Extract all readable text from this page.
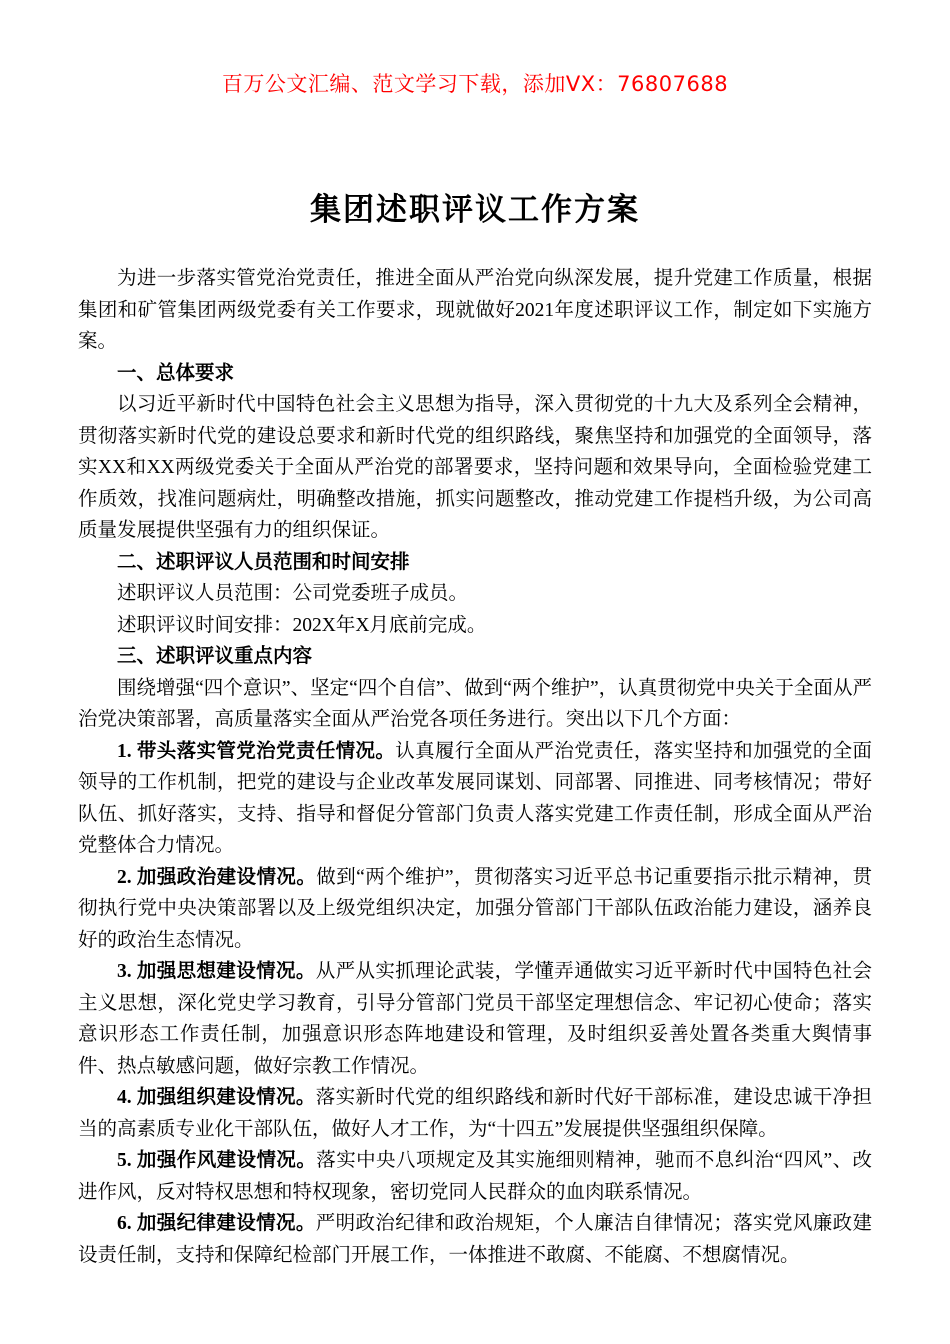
百万公文汇编、范文学习下载，添加VX：76807688
集团述职评议工作方案

为进一步落实管党治党责任，推进全面从严治党向纵深发展，提升党建工作质量，根据集团和矿管集团两级党委有关工作要求，现就做好2021年度述职评议工作，制定如下实施方案。

一、总体要求

以习近平新时代中国特色社会主义思想为指导，深入贯彻党的十九大及系列全会精神，贯彻落实新时代党的建设总要求和新时代党的组织路线，聚焦坚持和加强党的全面领导，落实XX和XX两级党委关于全面从严治党的部署要求，坚持问题和效果导向，全面检验党建工作质效，找准问题病灶，明确整改措施，抓实问题整改，推动党建工作提档升级，为公司高质量发展提供坚强有力的组织保证。

二、述职评议人员范围和时间安排

述职评议人员范围：公司党委班子成员。

述职评议时间安排：202X年X月底前完成。

三、述职评议重点内容

围绕增强“四个意识”、坚定“四个自信”、做到“两个维护”，认真贯彻党中央关于全面从严治党决策部署，高质量落实全面从严治党各项任务进行。突出以下几个方面：

1. 带头落实管党治党责任情况。认真履行全面从严治党责任，落实坚持和加强党的全面领导的工作机制，把党的建设与企业改革发展同谋划、同部署、同推进、同考核情况；带好队伍、抓好落实，支持、指导和督促分管部门负责人落实党建工作责任制，形成全面从严治党整体合力情况。

2. 加强政治建设情况。做到“两个维护”，贯彻落实习近平总书记重要指示批示精神，贯彻执行党中央决策部署以及上级党组织决定，加强分管部门干部队伍政治能力建设，涵养良好的政治生态情况。

3. 加强思想建设情况。从严从实抓理论武装，学懂弄通做实习近平新时代中国特色社会主义思想，深化党史学习教育，引导分管部门党员干部坚定理想信念、牢记初心使命；落实意识形态工作责任制，加强意识形态阵地建设和管理，及时组织妥善处置各类重大舆情事件、热点敏感问题，做好宗教工作情况。

4. 加强组织建设情况。落实新时代党的组织路线和新时代好干部标准，建设忠诚干净担当的高素质专业化干部队伍，做好人才工作，为“十四五”发展提供坚强组织保障。

5. 加强作风建设情况。落实中央八项规定及其实施细则精神，驰而不息纠治“四风”、改进作风，反对特权思想和特权现象，密切党同人民群众的血肉联系情况。

6. 加强纪律建设情况。严明政治纪律和政治规矩，个人廉洁自律情况；落实党风廉政建设责任制，支持和保障纪检部门开展工作，一体推进不敢腐、不能腐、不想腐情况。
